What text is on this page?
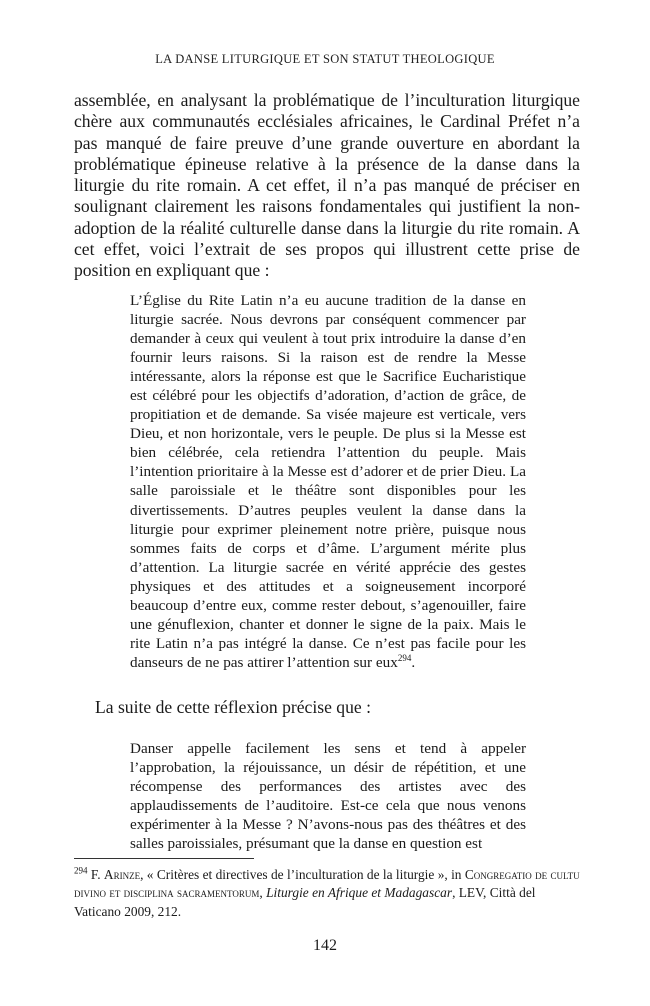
LA DANSE LITURGIQUE ET SON STATUT THEOLOGIQUE

assemblée, en analysant la problématique de l’inculturation liturgique chère aux communautés ecclésiales africaines, le Cardinal Préfet n’a pas manqué de faire preuve d’une grande ouverture en abordant la problématique épineuse relative à la présence de la danse dans la liturgie du rite romain. A cet effet, il n’a pas manqué de préciser en soulignant clairement les raisons fondamentales qui justifient la non-adoption de la réalité culturelle danse dans la liturgie du rite romain. A cet effet, voici l’extrait de ses propos qui illustrent cette prise de position en expliquant que :

L’Église du Rite Latin n’a eu aucune tradition de la danse en liturgie sacrée. Nous devrons par conséquent commencer par demander à ceux qui veulent à tout prix introduire la danse d’en fournir leurs raisons. Si la raison est de rendre la Messe intéressante, alors la réponse est que le Sacrifice Eucharistique est célébré pour les objectifs d’adoration, d’action de grâce, de propitiation et de demande. Sa visée majeure est verticale, vers Dieu, et non horizontale, vers le peuple. De plus si la Messe est bien célébrée, cela retiendra l’attention du peuple. Mais l’intention prioritaire à la Messe est d’adorer et de prier Dieu. La salle paroissiale et le théâtre sont disponibles pour les divertissements. D’autres peuples veulent la danse dans la liturgie pour exprimer pleinement notre prière, puisque nous sommes faits de corps et d’âme. L’argument mérite plus d’attention. La liturgie sacrée en vérité apprécie des gestes physiques et des attitudes et a soigneusement incorporé beaucoup d’entre eux, comme rester debout, s’agenouiller, faire une génuflexion, chanter et donner le signe de la paix. Mais le rite Latin n’a pas intégré la danse. Ce n’est pas facile pour les danseurs de ne pas attirer l’attention sur eux$^{294}$.

La suite de cette réflexion précise que :

Danser appelle facilement les sens et tend à appeler l’approbation, la réjouissance, un désir de répétition, et une récompense des performances des artistes avec des applaudissements de l’auditoire. Est-ce cela que nous venons expérimenter à la Messe ? N’avons-nous pas des théâtres et des salles paroissiales, présumant que la danse en question est

$^{294}$ F. Arinze, « Critères et directives de l’inculturation de la liturgie », in Congregatio de cultu divino et disciplina sacramentorum, Liturgie en Afrique et Madagascar, LEV, Città del Vaticano 2009, 212.

142
